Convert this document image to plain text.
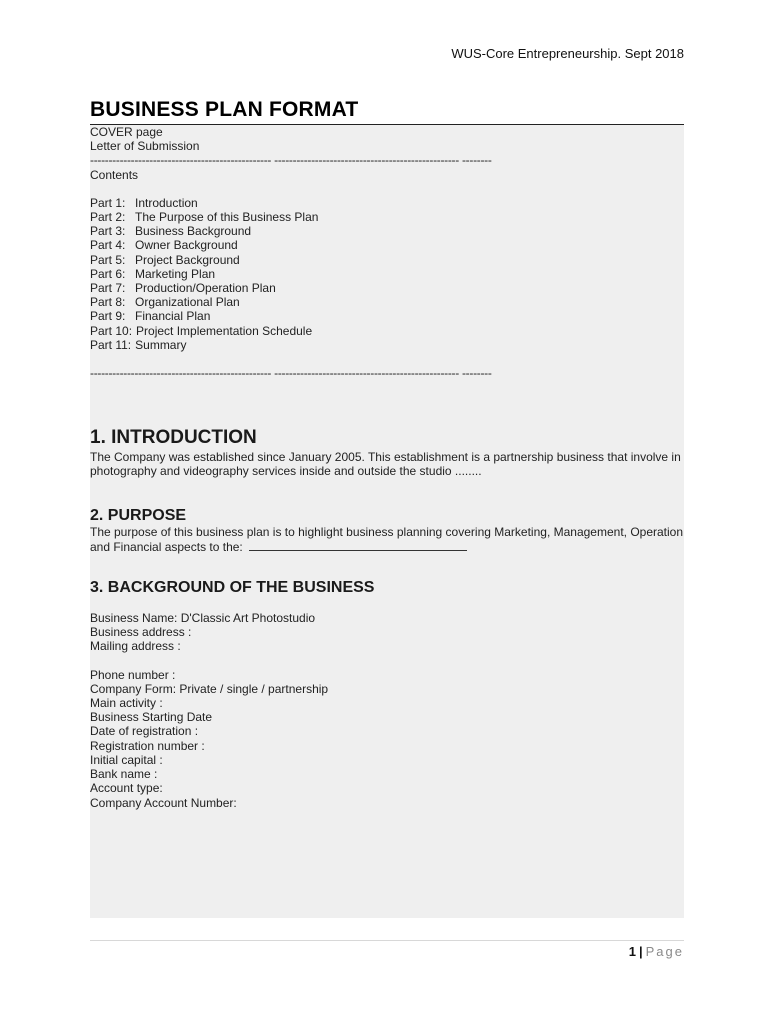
WUS-Core Entrepreneurship. Sept 2018
BUSINESS PLAN FORMAT

COVER page

Letter of Submission

------------------------------------------------- -------------------------------------------------- --------

Contents

Part 1: Introduction
Part 2: The Purpose of this Business Plan
Part 3: Business Background
Part 4: Owner Background
Part 5: Project Background
Part 6: Marketing Plan
Part 7: Production/Operation Plan
Part 8: Organizational Plan
Part 9: Financial Plan
Part 10: Project Implementation Schedule
Part 11: Summary

------------------------------------------------- -------------------------------------------------- --------

1. INTRODUCTION

The Company was established since January 2005. This establishment is a partnership business that involve in photography and videography services inside and outside the studio ........

2. PURPOSE

The purpose of this business plan is to highlight business planning covering Marketing, Management, Operation

and Financial aspects to the:

3. BACKGROUND OF THE BUSINESS

Business Name: D'Classic Art Photostudio

Business address :

Mailing address :

Phone number :

Company Form: Private / single / partnership

Main activity :

Business Starting Date

Date of registration :

Registration number :

Initial capital :

Bank name :

Account type:

Company Account Number:

1 | Page
